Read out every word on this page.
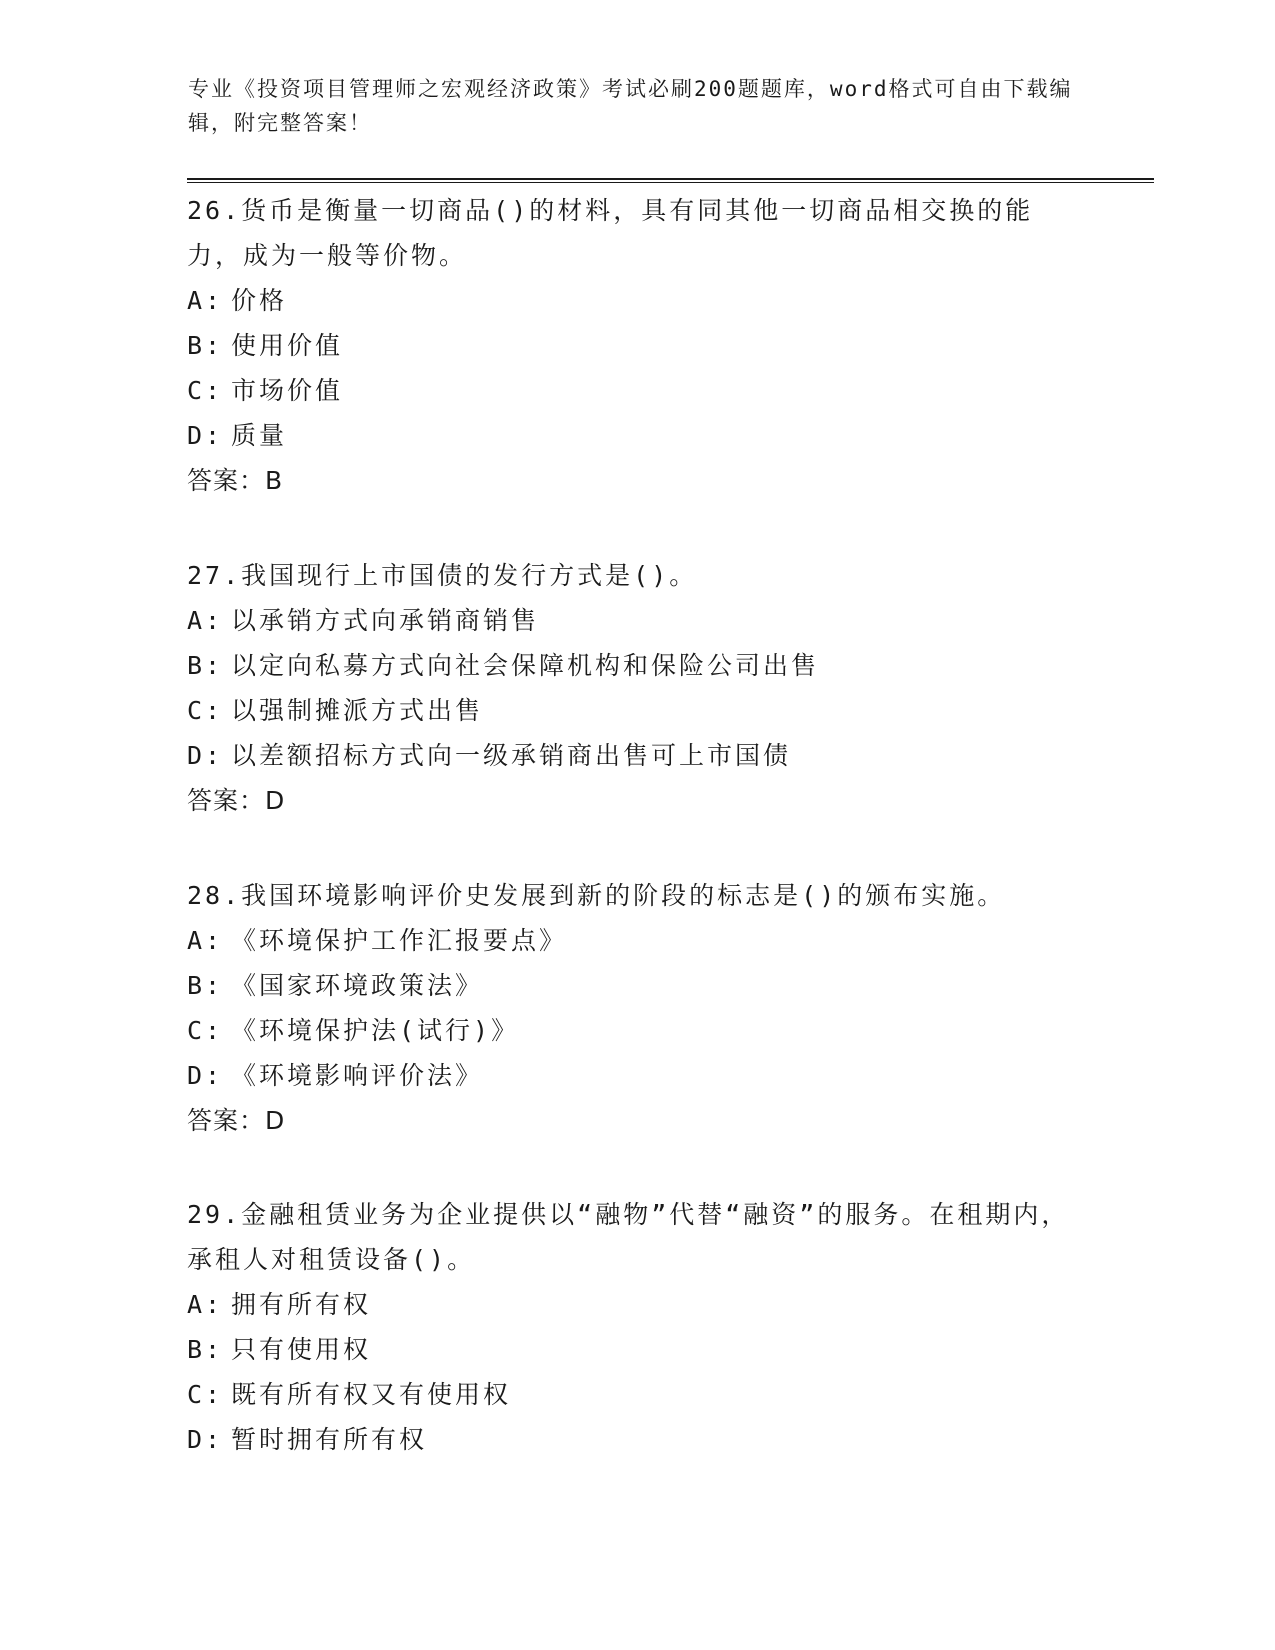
专业《投资项目管理师之宏观经济政策》考试必刷200题题库，word格式可自由下载编辑，附完整答案！

26.货币是衡量一切商品()的材料，具有同其他一切商品相交换的能力，成为一般等价物。

A: 价格

B: 使用价值

C: 市场价值

D: 质量

答案：B

27.我国现行上市国债的发行方式是()。

A: 以承销方式向承销商销售

B: 以定向私募方式向社会保障机构和保险公司出售

C: 以强制摊派方式出售

D: 以差额招标方式向一级承销商出售可上市国债

答案：D

28.我国环境影响评价史发展到新的阶段的标志是()的颁布实施。

A: 《环境保护工作汇报要点》

B: 《国家环境政策法》

C: 《环境保护法(试行)》

D: 《环境影响评价法》

答案：D

29.金融租赁业务为企业提供以“融物”代替“融资”的服务。在租期内，承租人对租赁设备()。

A: 拥有所有权

B: 只有使用权

C: 既有所有权又有使用权

D: 暂时拥有所有权
